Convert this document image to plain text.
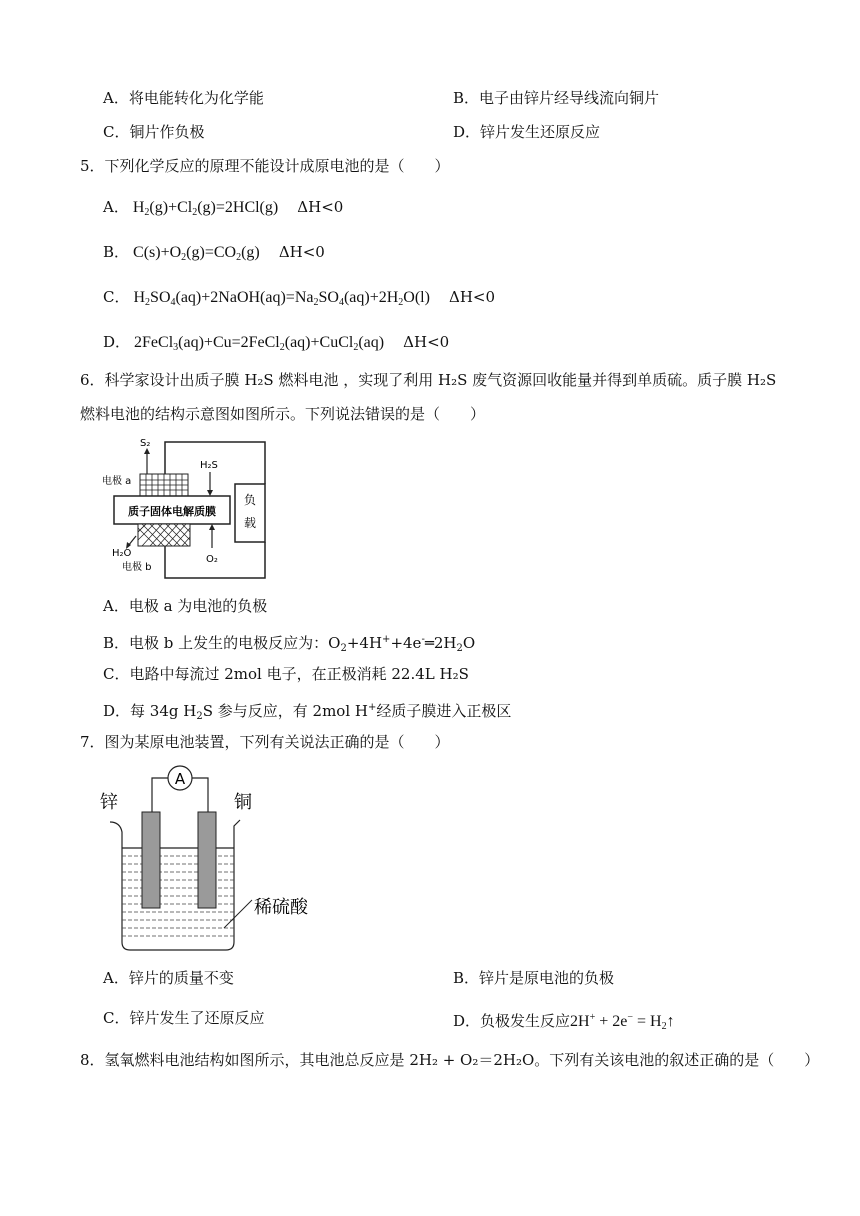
A．将电能转化为化学能	B．电子由锌片经导线流向铜片
C．铜片作负极	D．锌片发生还原反应
5．下列化学反应的原理不能设计成原电池的是（　　）
A． $H_2(g)+Cl_2(g)=2HCl(g)$ ΔH<0
B． $C(s)+O_2(g)=CO_2(g)$ ΔH<0
C． $H_2SO_4(aq)+2NaOH(aq)=Na_2SO_4(aq)+2H_2O(l)$ ΔH<0
D． 2FeCl$_3$(aq)+Cu=2FeCl$_2$(aq)+CuCl$_2$(aq) ΔH<0
6．科学家设计出质子膜 H₂S 燃料电池 ，实现了利用 H₂S 废气资源回收能量并得到单质硫。质子膜 H₂S
燃料电池的结构示意图如图所示。下列说法错误的是（　　）
负
载
质子固体电解质膜
S₂
H₂S
电极 a
H₂O
电极 b
O₂
A．电极 a 为电池的负极
B．电极 b 上发生的电极反应为：$O_2+4H^++4e^-═2H_2O$
C．电路中每流过 2mol 电子，在正极消耗 22.4L H₂S
D．每 34g $H_2S$ 参与反应，有 2mol H+经质子膜进入正极区
7．图为某原电池装置，下列有关说法正确的是（　　）
A
锌	铜
稀硫酸
A．锌片的质量不变	B．锌片是原电池的负极
C．锌片发生了还原反应	D．负极发生反应$2H^+ + 2e^- = H_2↑$
8．氢氧燃料电池结构如图所示，其电池总反应是 2H₂ + O₂＝2H₂O。下列有关该电池的叙述正确的是（　　）
